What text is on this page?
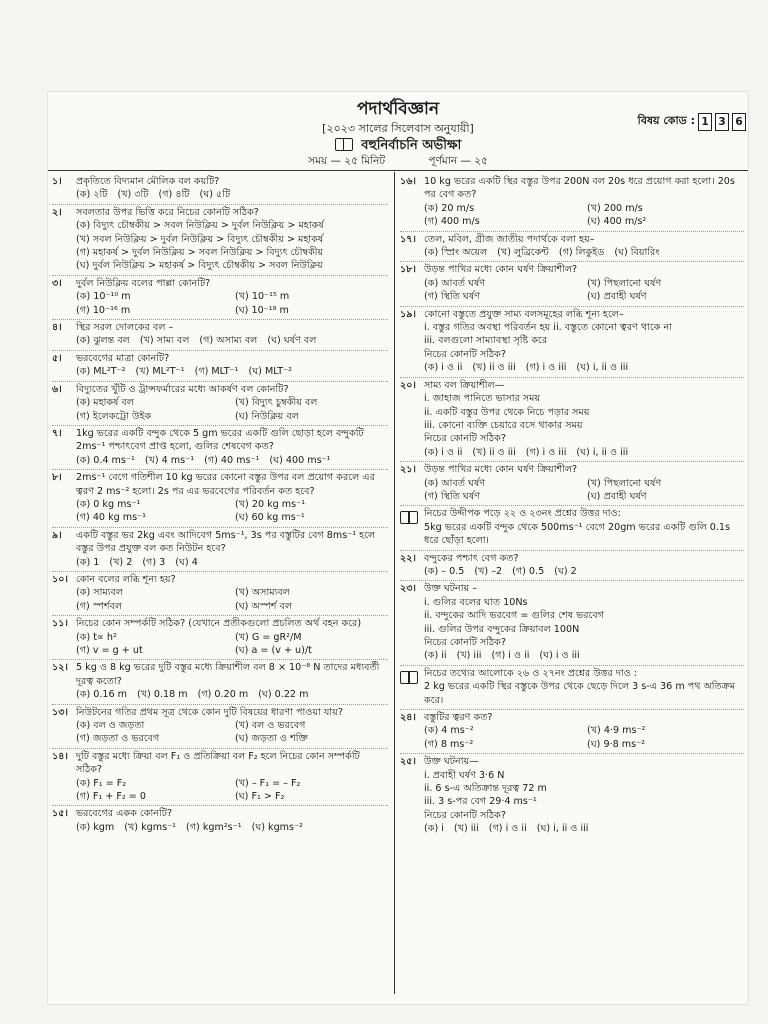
পদার্থবিজ্ঞান
[২০২৩ সালের সিলেবাস অনুযায়ী]
বহুনির্বাচনি অভীক্ষা
সময় — ২৫ মিনিট	পূর্ণমান — ২৫
বিষয় কোড : 1 3 6
১।	প্রকৃতিতে বিদ্যমান মৌলিক বল কয়টি?
(ক) ২টি (খ) ৩টি (গ) ৪টি (ঘ) ৫টি
২।	সবলতার উপর ভিত্তি করে নিচের কোনটি সঠিক?
(ক) বিদ্যুৎ চৌম্বকীয় > সবল নিউক্লিয় > দুর্বল নিউক্লিয় > মহাকর্ষ
(খ) সবল নিউক্লিয় > দুর্বল নিউক্লিয় > বিদ্যুৎ চৌম্বকীয় > মহাকর্ষ
(গ) মহাকর্ষ > দুর্বল নিউক্লিয় > সবল নিউক্লিয় > বিদ্যুৎ চৌম্বকীয়
(ঘ) দুর্বল নিউক্লিয় > মহাকর্ষ > বিদ্যুৎ চৌম্বকীয় > সবল নিউক্লিয়
৩।	দুর্বল নিউক্লিয় বলের পাল্লা কোনটি?
(ক) 10⁻¹⁰ m	(খ) 10⁻¹⁵ m
(গ) 10⁻¹⁶ m	(ঘ) 10⁻¹⁸ m
৪।	স্থির সরল দোলকের বল –
(ক) ঝুলন্ত বল (খ) সাম্য বল (গ) অসাম্য বল (ঘ) ঘর্ষণ বল
৫।	ভরবেগের মাত্রা কোনটি?
(ক) ML²T⁻² (খ) ML²T⁻¹ (গ) MLT⁻¹ (ঘ) MLT⁻²
৬।	বিদ্যুতের খুঁটি ও ট্রান্সফর্মারের মধ্যে আকর্ষণ বল কোনটি?
(ক) মহাকর্ষ বল	(খ) বিদ্যুৎ চুম্বকীয় বল
(গ) ইলেকট্রো উইক	(ঘ) নিউক্লিয় বল
৭।	1kg ভরের একটি বন্দুক থেকে 5 gm ভরের একটি গুলি ছোড়া হলে বন্দুকটি 2ms⁻¹ পশ্চাৎবেগ প্রাপ্ত হলো, গুলির শেষবেগ কত?
(ক) 0.4 ms⁻¹ (খ) 4 ms⁻¹ (গ) 40 ms⁻¹ (ঘ) 400 ms⁻¹
৮।	2ms⁻¹ বেগে গতিশীল 10 kg ভরের কোনো বস্তুর উপর বল প্রয়োগ করলে এর ত্বরণ 2 ms⁻² হলো। 2s পর এর ভরবেগের পরিবর্তন কত হবে?
(ক) 0 kg ms⁻¹	(খ) 20 kg ms⁻¹
(গ) 40 kg ms⁻¹	(ঘ) 60 kg ms⁻¹
৯।	একটি বস্তুর ভর 2kg এবং আদিবেগ 5ms⁻¹, 3s পর বস্তুটির বেগ 8ms⁻¹ হলে বস্তুর উপর প্রযুক্ত বল কত নিউটন হবে?
(ক) 1 (খ) 2 (গ) 3 (ঘ) 4
১০। কোন বলের লব্ধি শূন্য হয়?
(ক) সাম্যবল	(খ) অসাম্যবল
(গ) স্পর্শবল	(ঘ) অস্পর্শ বল
১১। নিচের কোন সম্পর্কটি সঠিক? (যেখানে প্রতীকগুলো প্রচলিত অর্থ বহন করে)
(ক) t∝ h²	(খ) G = gR²/M
(গ) v = g + ut	(ঘ) a = (v + u)/t
১২। 5 kg ও 8 kg ভরের দুটি বস্তুর মধ্যে ক্রিয়াশীল বল 8 × 10⁻⁸ N তাদের মধ্যবর্তী দূরত্ব কতো?
(ক) 0.16 m (খ) 0.18 m (গ) 0.20 m (ঘ) 0.22 m
১৩। নিউটনের গতির প্রথম সূত্র থেকে কোন দুটি বিষয়ের ধারণা পাওয়া যায়?
(ক) বল ও জড়তা	(খ) বল ও ভরবেগ
(গ) জড়তা ও ভরবেগ	(ঘ) জড়তা ও শক্তি
১৪। দুটি বস্তুর মধ্যে ক্রিয়া বল F₁ ও প্রতিক্রিয়া বল F₂ হলে নিচের কোন সম্পর্কটি সঠিক?
(ক) F₁ = F₂	(খ) – F₁ = – F₂
(গ) F₁ + F₂ = 0	(ঘ) F₁ > F₂
১৫। ভরবেগের একক কোনটি?
(ক) kgm (খ) kgms⁻¹ (গ) kgm²s⁻¹ (ঘ) kgms⁻²
১৬। 10 kg ভরের একটি স্থির বস্তুর উপর 200N বল 20s ধরে প্রয়োগ করা হলো। 20s পর বেগ কত?
(ক) 20 m/s	(খ) 200 m/s
(গ) 400 m/s	(ঘ) 400 m/s²
১৭। তেল, মবিল, গ্রীজ জাতীয় পদার্থকে বলা হয়–
(ক) স্প্রিং অয়েল (খ) লুব্রিকেন্ট (গ) লিকুইড (ঘ) বিয়ারিং
১৮। উড়ন্ত পাখির মধ্যে কোন ঘর্ষণ ক্রিয়াশীল?
(ক) আবর্ত ঘর্ষণ	(খ) পিছলানো ঘর্ষণ
(গ) স্থিতি ঘর্ষণ	(ঘ) প্রবাহী ঘর্ষণ
১৯। কোনো বস্তুতে প্রযুক্ত সাম্য বলসমূহের লব্ধি শূন্য হলে–
i. বস্তুর গতির অবস্থা পরিবর্তন হয় ii. বস্তুতে কোনো ত্বরণ থাকে না
iii. বলগুলো সাম্যাবস্থা সৃষ্টি করে
নিচের কোনটি সঠিক?
(ক) i ও ii (খ) ii ও iii (গ) i ও iii (ঘ) i, ii ও iii
২০। সাম্য বল ক্রিয়াশীল—
i. জাহাজ পানিতে ভাসার সময়
ii. একটি বস্তুর উপর থেকে নিচে পড়ার সময়
iii. কোনো ব্যক্তি চেয়ারে বসে থাকার সময়
নিচের কোনটি সঠিক?
(ক) i ও ii (খ) ii ও iii (গ) i ও iii (ঘ) i, ii ও iii
২১। উড়ন্ত পাখির মধ্যে কোন ঘর্ষণ ক্রিয়াশীল?
(ক) আবর্ত ঘর্ষণ	(খ) পিছলানো ঘর্ষণ
(গ) স্থিতি ঘর্ষণ	(ঘ) প্রবাহী ঘর্ষণ
নিচের উদ্দীপক পড়ে ২২ ও ২৩নং প্রশ্নের উত্তর দাও:
5kg ভরের একটি বন্দুক থেকে 500ms⁻¹ বেগে 20gm ভরের একটি গুলি 0.1s ধরে ছোঁড়া হলো।
২২। বন্দুকের পশ্চাৎ বেগ কত?
(ক) – 0.5 (খ) –2 (গ) 0.5 (ঘ) 2
২৩। উক্ত ঘটনায় –
i. গুলির বলের ঘাত 10Ns
ii. বন্দুকের আদি ভরবেগ = গুলির শেষ ভরবেগ
iii. গুলির উপর বন্দুকের ক্রিয়াবল 100N
নিচের কোনটি সঠিক?
(ক) ii (খ) iii (গ) i ও ii (ঘ) i ও iii
নিচের তথ্যের আলোকে ২৬ ও ২৭নং প্রশ্নের উত্তর দাও :
2 kg ভরের একটি স্থির বস্তুকে উপর থেকে ছেড়ে দিলে 3 s-এ 36 m পথ অতিক্রম করে।
২৪। বস্তুটির ত্বরণ কত?
(ক) 4 ms⁻²	(খ) 4·9 ms⁻²
(গ) 8 ms⁻²	(ঘ) 9·8 ms⁻²
২৫। উক্ত ঘটনায়—
i. প্রবাহী ঘর্ষণ 3·6 N
ii. 6 s-এ অতিক্রান্ত দূরত্ব 72 m
iii. 3 s-পর বেগ 29·4 ms⁻¹
নিচের কোনটি সঠিক?
(ক) i (খ) iii (গ) i ও ii (ঘ) i, ii ও iii
